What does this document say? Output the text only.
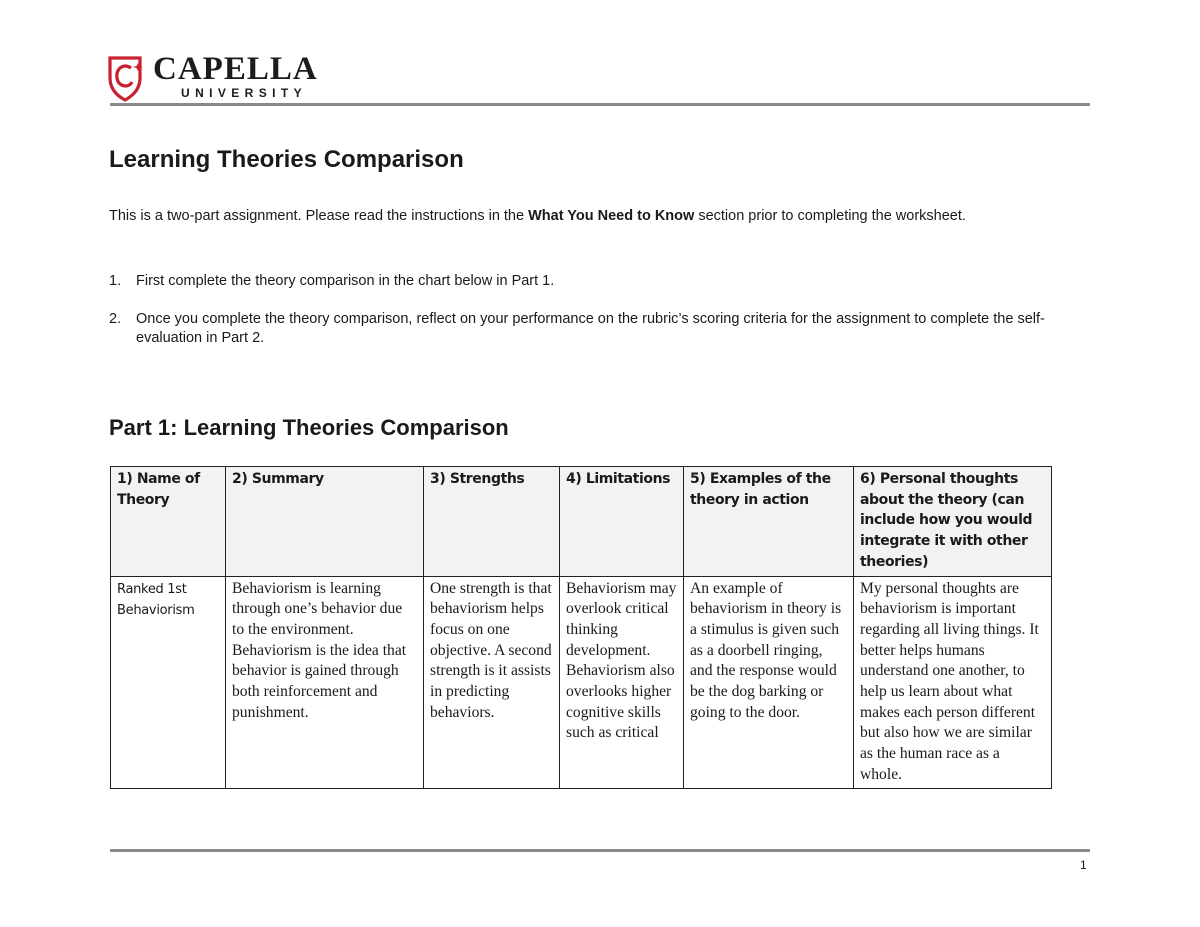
CAPELLA
UNIVERSITY
Learning Theories Comparison

This is a two-part assignment. Please read the instructions in the What You Need to Know section prior to completing the worksheet.

1. First complete the theory comparison in the chart below in Part 1.
2. Once you complete the theory comparison, reflect on your performance on the rubric’s scoring criteria for the assignment to complete the self-evaluation in Part 2.
Part 1: Learning Theories Comparison
1) Name of Theory	2) Summary	3) Strengths	4) Limitations	5) Examples of the theory in action	6) Personal thoughts about the theory (can include how you would integrate it with other theories)

Ranked 1st
Behaviorism	Behaviorism is learning through one’s behavior due to the environment. Behaviorism is the idea that behavior is gained through both reinforcement and punishment.	One strength is that behaviorism helps focus on one objective. A second strength is it assists in predicting behaviors.	Behaviorism may overlook critical thinking development. Behaviorism also overlooks higher cognitive skills such as critical	An example of behaviorism in theory is a stimulus is given such as a doorbell ringing, and the response would be the dog barking or going to the door.	My personal thoughts are behaviorism is important regarding all living things. It better helps humans understand one another, to help us learn about what makes each person different but also how we are similar as the human race as a whole.
1
